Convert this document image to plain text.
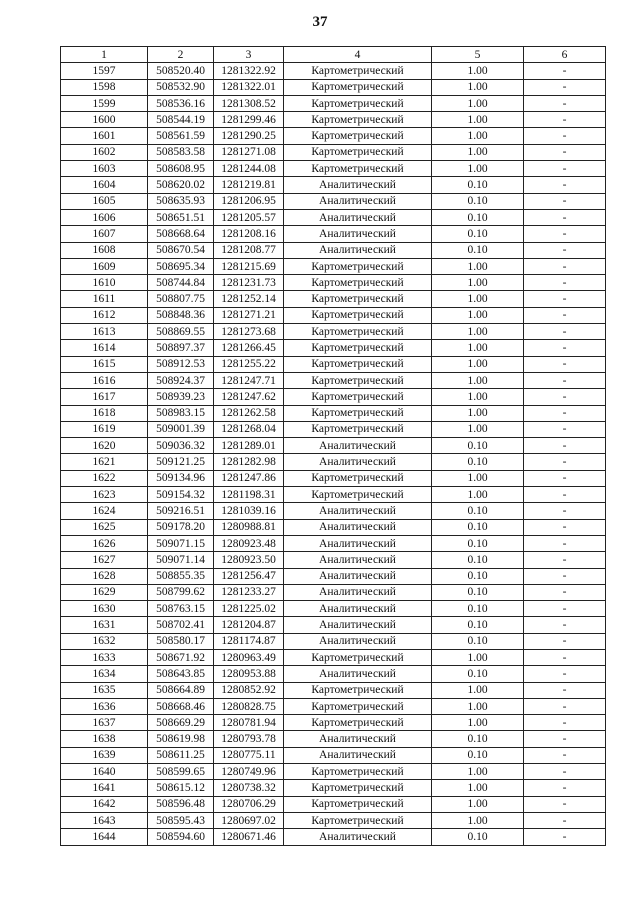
37
1	2	3	4	5	6
1597	508520.40	1281322.92	Картометрический	1.00	-
1598	508532.90	1281322.01	Картометрический	1.00	-
1599	508536.16	1281308.52	Картометрический	1.00	-
1600	508544.19	1281299.46	Картометрический	1.00	-
1601	508561.59	1281290.25	Картометрический	1.00	-
1602	508583.58	1281271.08	Картометрический	1.00	-
1603	508608.95	1281244.08	Картометрический	1.00	-
1604	508620.02	1281219.81	Аналитический	0.10	-
1605	508635.93	1281206.95	Аналитический	0.10	-
1606	508651.51	1281205.57	Аналитический	0.10	-
1607	508668.64	1281208.16	Аналитический	0.10	-
1608	508670.54	1281208.77	Аналитический	0.10	-
1609	508695.34	1281215.69	Картометрический	1.00	-
1610	508744.84	1281231.73	Картометрический	1.00	-
1611	508807.75	1281252.14	Картометрический	1.00	-
1612	508848.36	1281271.21	Картометрический	1.00	-
1613	508869.55	1281273.68	Картометрический	1.00	-
1614	508897.37	1281266.45	Картометрический	1.00	-
1615	508912.53	1281255.22	Картометрический	1.00	-
1616	508924.37	1281247.71	Картометрический	1.00	-
1617	508939.23	1281247.62	Картометрический	1.00	-
1618	508983.15	1281262.58	Картометрический	1.00	-
1619	509001.39	1281268.04	Картометрический	1.00	-
1620	509036.32	1281289.01	Аналитический	0.10	-
1621	509121.25	1281282.98	Аналитический	0.10	-
1622	509134.96	1281247.86	Картометрический	1.00	-
1623	509154.32	1281198.31	Картометрический	1.00	-
1624	509216.51	1281039.16	Аналитический	0.10	-
1625	509178.20	1280988.81	Аналитический	0.10	-
1626	509071.15	1280923.48	Аналитический	0.10	-
1627	509071.14	1280923.50	Аналитический	0.10	-
1628	508855.35	1281256.47	Аналитический	0.10	-
1629	508799.62	1281233.27	Аналитический	0.10	-
1630	508763.15	1281225.02	Аналитический	0.10	-
1631	508702.41	1281204.87	Аналитический	0.10	-
1632	508580.17	1281174.87	Аналитический	0.10	-
1633	508671.92	1280963.49	Картометрический	1.00	-
1634	508643.85	1280953.88	Аналитический	0.10	-
1635	508664.89	1280852.92	Картометрический	1.00	-
1636	508668.46	1280828.75	Картометрический	1.00	-
1637	508669.29	1280781.94	Картометрический	1.00	-
1638	508619.98	1280793.78	Аналитический	0.10	-
1639	508611.25	1280775.11	Аналитический	0.10	-
1640	508599.65	1280749.96	Картометрический	1.00	-
1641	508615.12	1280738.32	Картометрический	1.00	-
1642	508596.48	1280706.29	Картометрический	1.00	-
1643	508595.43	1280697.02	Картометрический	1.00	-
1644	508594.60	1280671.46	Аналитический	0.10	-
